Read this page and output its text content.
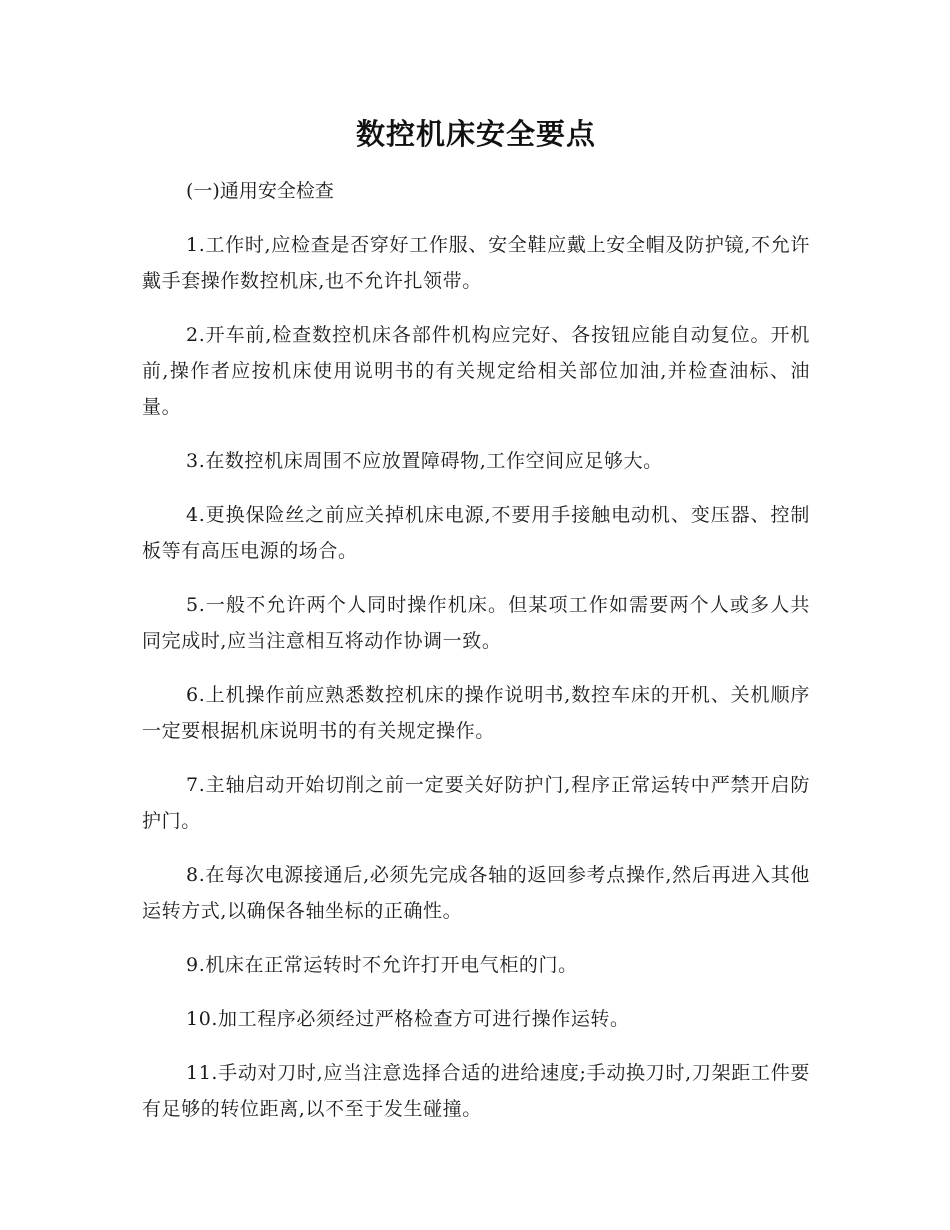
数控机床安全要点

(一)通用安全检查

1.工作时,应检查是否穿好工作服、安全鞋应戴上安全帽及防护镜,不允许戴手套操作数控机床,也不允许扎领带。

2.开车前,检查数控机床各部件机构应完好、各按钮应能自动复位。开机前,操作者应按机床使用说明书的有关规定给相关部位加油,并检查油标、油量。

3.在数控机床周围不应放置障碍物,工作空间应足够大。

4.更换保险丝之前应关掉机床电源,不要用手接触电动机、变压器、控制板等有高压电源的场合。

5.一般不允许两个人同时操作机床。但某项工作如需要两个人或多人共同完成时,应当注意相互将动作协调一致。

6.上机操作前应熟悉数控机床的操作说明书,数控车床的开机、关机顺序一定要根据机床说明书的有关规定操作。

7.主轴启动开始切削之前一定要关好防护门,程序正常运转中严禁开启防护门。

8.在每次电源接通后,必须先完成各轴的返回参考点操作,然后再进入其他运转方式,以确保各轴坐标的正确性。

9.机床在正常运转时不允许打开电气柜的门。

10.加工程序必须经过严格检查方可进行操作运转。

11.手动对刀时,应当注意选择合适的进给速度;手动换刀时,刀架距工件要有足够的转位距离,以不至于发生碰撞。
